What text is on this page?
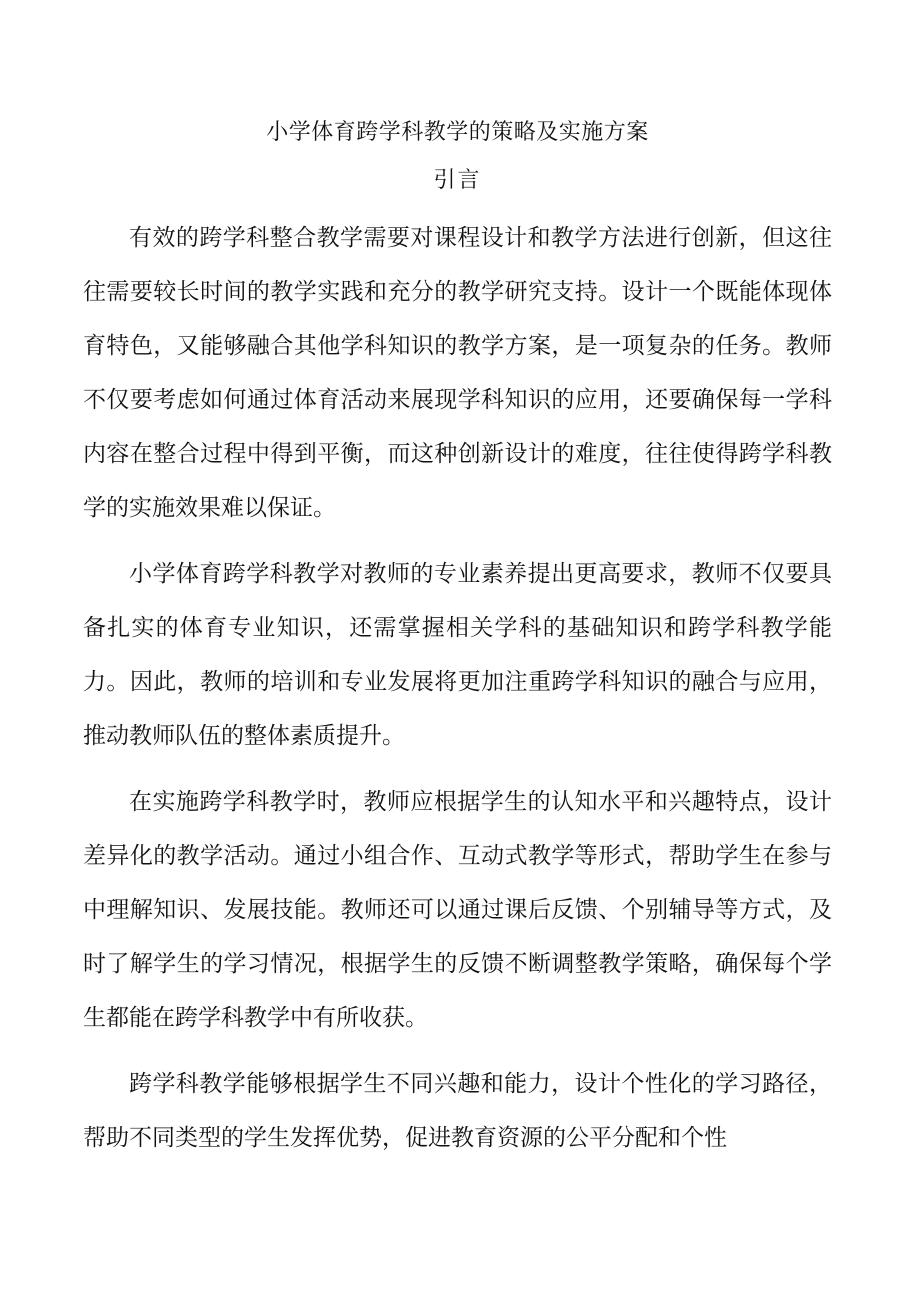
小学体育跨学科教学的策略及实施方案
引言

有效的跨学科整合教学需要对课程设计和教学方法进行创新，但这往往需要较长时间的教学实践和充分的教学研究支持。设计一个既能体现体育特色，又能够融合其他学科知识的教学方案，是一项复杂的任务。教师不仅要考虑如何通过体育活动来展现学科知识的应用，还要确保每一学科内容在整合过程中得到平衡，而这种创新设计的难度，往往使得跨学科教学的实施效果难以保证。

小学体育跨学科教学对教师的专业素养提出更高要求，教师不仅要具备扎实的体育专业知识，还需掌握相关学科的基础知识和跨学科教学能力。因此，教师的培训和专业发展将更加注重跨学科知识的融合与应用，推动教师队伍的整体素质提升。

在实施跨学科教学时，教师应根据学生的认知水平和兴趣特点，设计差异化的教学活动。通过小组合作、互动式教学等形式，帮助学生在参与中理解知识、发展技能。教师还可以通过课后反馈、个别辅导等方式，及时了解学生的学习情况，根据学生的反馈不断调整教学策略，确保每个学生都能在跨学科教学中有所收获。

跨学科教学能够根据学生不同兴趣和能力，设计个性化的学习路径，帮助不同类型的学生发挥优势，促进教育资源的公平分配和个性
